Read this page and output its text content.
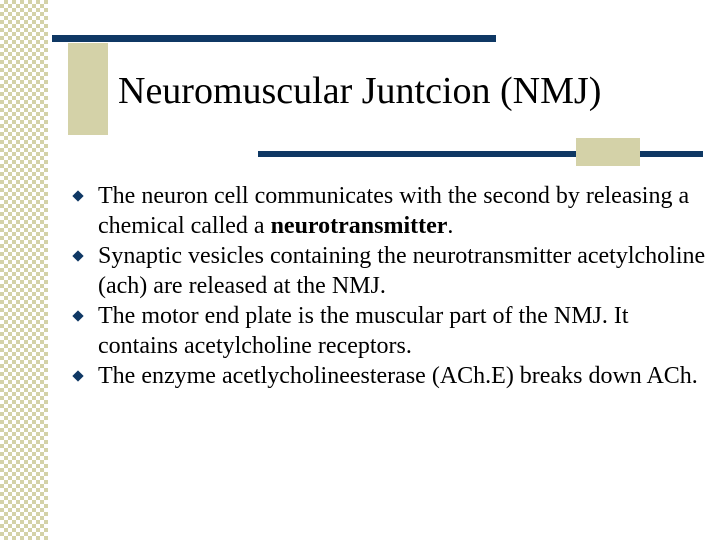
Neuromuscular Juntcion (NMJ)
The neuron cell communicates with the second by releasing a chemical called a neurotransmitter.
Synaptic vesicles containing the neurotransmitter acetylcholine (ach) are released at the NMJ.
The motor end plate is the muscular part of the NMJ. It contains acetylcholine receptors.
The enzyme acetlycholineesterase (ACh.E) breaks down ACh.
